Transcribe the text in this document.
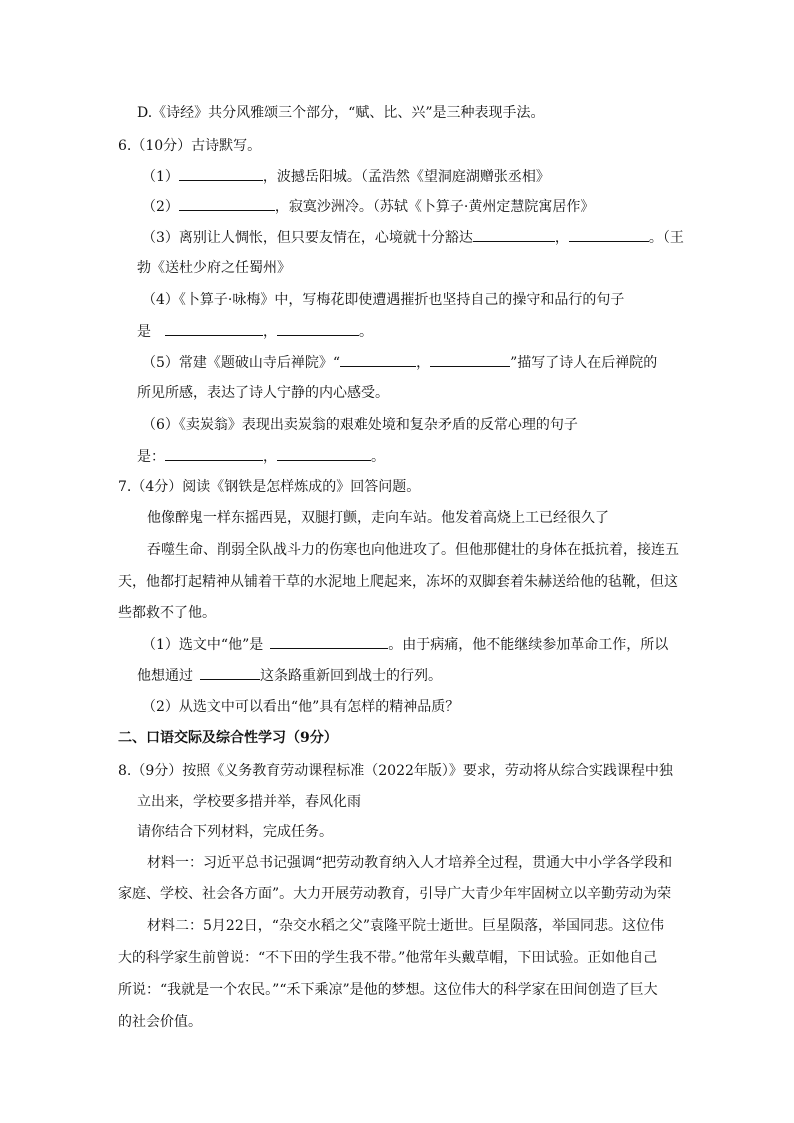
D.《诗经》共分风雅颂三个部分，“赋、比、兴”是三种表现手法。
6.（10分）古诗默写。
（1）	，波撼岳阳城。（孟浩然《望洞庭湖赠张丞相》
（2）	，寂寞沙洲冷。（苏轼《卜算子·黄州定慧院寓居作》
（3）离别让人惆怅，但只要友情在，心境就十分豁达	，	。（王
勃《送杜少府之任蜀州》
（4）《卜算子·咏梅》中，写梅花即使遭遇摧折也坚持自己的操守和品行的句子
是 	，	。
（5）常建《题破山寺后禅院》“	，	”描写了诗人在后禅院的
所见所感，表达了诗人宁静的内心感受。
（6）《卖炭翁》表现出卖炭翁的艰难处境和复杂矛盾的反常心理的句子
是：	，	。
7.（4分）阅读《钢铁是怎样炼成的》回答问题。
他像醉鬼一样东摇西晃，双腿打颤，走向车站。他发着高烧上工已经很久了
吞噬生命、削弱全队战斗力的伤寒也向他进攻了。但他那健壮的身体在抵抗着，接连五
天，他都打起精神从铺着干草的水泥地上爬起来，冻坏的双脚套着朱赫送给他的毡靴，但这
些都救不了他。
（1）选文中“他”是 	。由于病痛，他不能继续参加革命工作，所以
他想通过 	这条路重新回到战士的行列。
（2）从选文中可以看出“他”具有怎样的精神品质？
二、口语交际及综合性学习（9分）
8.（9分）按照《义务教育劳动课程标准（2022年版）》要求，劳动将从综合实践课程中独
立出来，学校要多措并举，春风化雨
请你结合下列材料，完成任务。
材料一：习近平总书记强调“把劳动教育纳入人才培养全过程，贯通大中小学各学段和
家庭、学校、社会各方面”。大力开展劳动教育，引导广大青少年牢固树立以辛勤劳动为荣
材料二：5月22日，“杂交水稻之父”袁隆平院士逝世。巨星陨落，举国同悲。这位伟
大的科学家生前曾说：“不下田的学生我不带。”他常年头戴草帽，下田试验。正如他自己
所说：“我就是一个农民。”“禾下乘凉”是他的梦想。这位伟大的科学家在田间创造了巨大
的社会价值。
